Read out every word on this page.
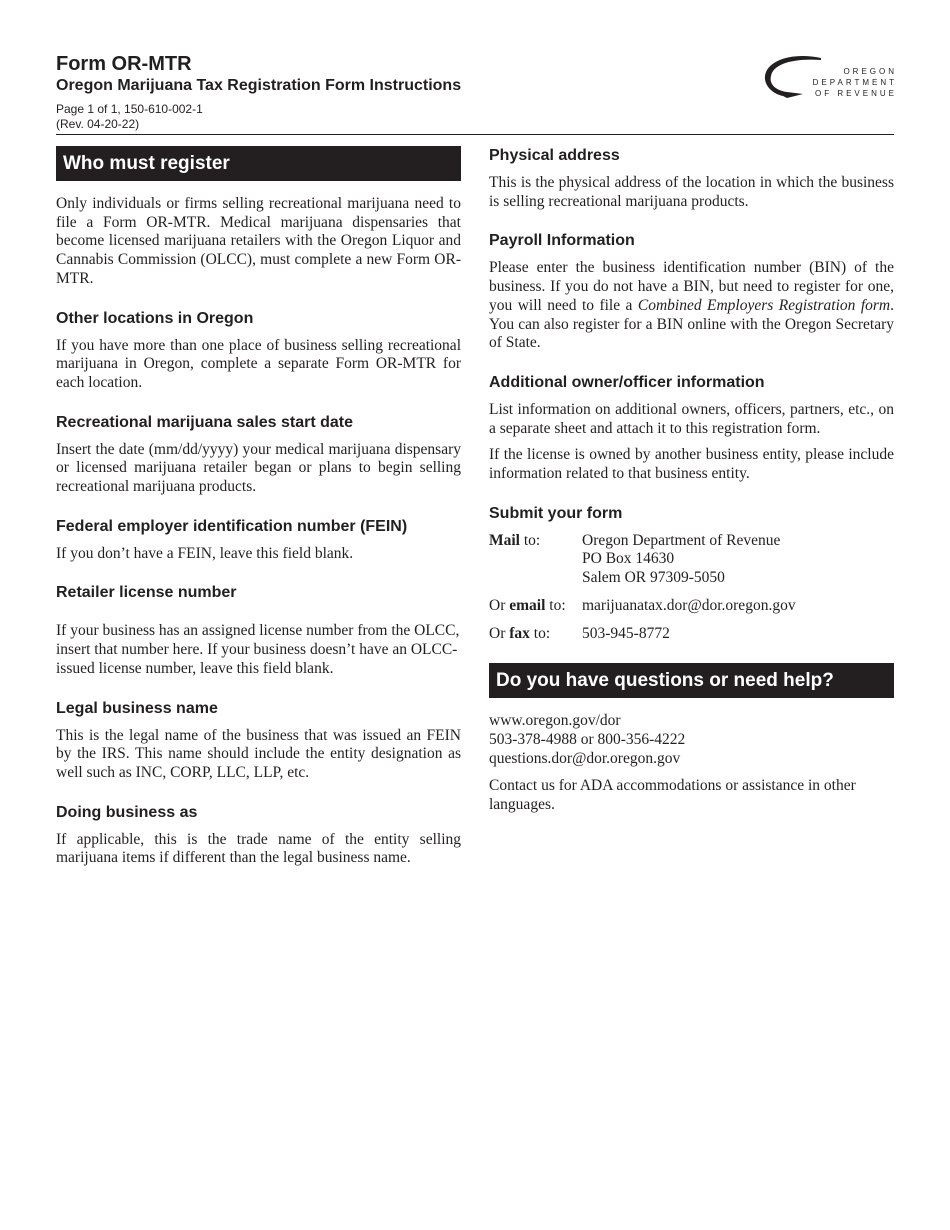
Form OR-MTR
Oregon Marijuana Tax Registration Form Instructions
Page 1 of 1, 150-610-002-1
(Rev. 04-20-22)
OREGON
DEPARTMENT
OF REVENUE
Who must register

Only individuals or firms selling recreational marijuana need to file a Form OR-MTR. Medical marijuana dispensaries that become licensed marijuana retailers with the Oregon Liquor and Cannabis Commission (OLCC), must complete a new Form OR-MTR.

Other locations in Oregon

If you have more than one place of business selling recreational marijuana in Oregon, complete a separate Form OR-MTR for each location.

Recreational marijuana sales start date

Insert the date (mm/dd/yyyy) your medical marijuana dispensary or licensed marijuana retailer began or plans to begin selling recreational marijuana products.

Federal employer identification number (FEIN)

If you don’t have a FEIN, leave this field blank.

Retailer license number

If your business has an assigned license number from the OLCC, insert that number here. If your business doesn’t have an OLCC-issued license number, leave this field blank.

Legal business name

This is the legal name of the business that was issued an FEIN by the IRS. This name should include the entity designation as well such as INC, CORP, LLC, LLP, etc.

Doing business as

If applicable, this is the trade name of the entity selling marijuana items if different than the legal business name.

Physical address

This is the physical address of the location in which the business is selling recreational marijuana products.

Payroll Information

Please enter the business identification number (BIN) of the business. If you do not have a BIN, but need to register for one, you will need to file a Combined Employers Registration form. You can also register for a BIN online with the Oregon Secretary of State.

Additional owner/officer information

List information on additional owners, officers, partners, etc., on a separate sheet and attach it to this registration form.

If the license is owned by another business entity, please include information related to that business entity.

Submit your form
Mail to:	Oregon Department of Revenue
PO Box 14630
Salem OR 97309-5050
Or email to:	marijuanatax.dor@dor.oregon.gov
Or fax to:	503-945-8772
Do you have questions or need help?
www.oregon.gov/dor
503-378-4988 or 800-356-4222
questions.dor@dor.oregon.gov

Contact us for ADA accommodations or assistance in other languages.
